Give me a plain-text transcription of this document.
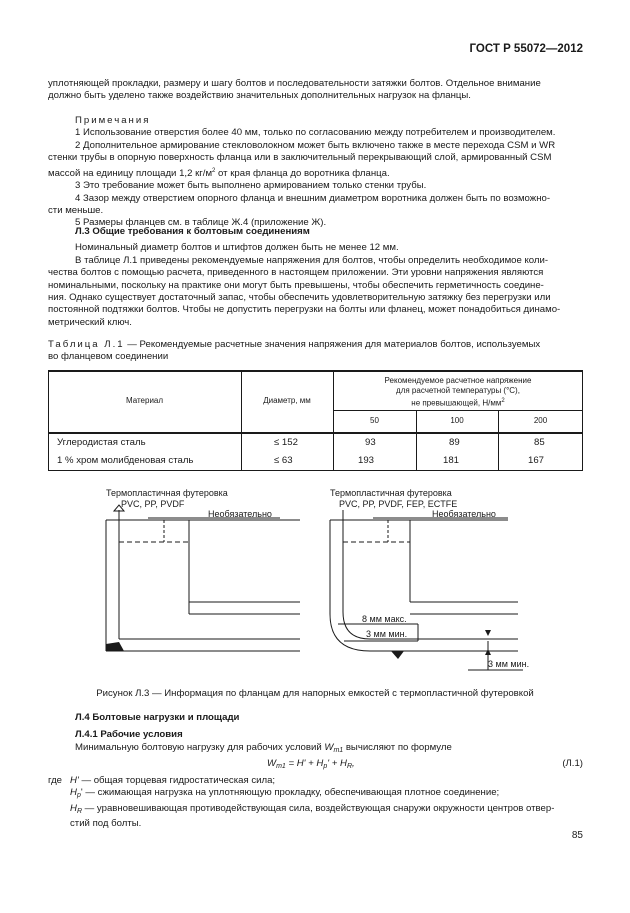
ГОСТ Р 55072—2012

уплотняющей прокладки, размеру и шагу болтов и последовательности затяжки болтов. Отдельное внимание

должно быть уделено также воздействию значительных дополнительных нагрузок на фланцы.

Примечания

1 Использование отверстия более 40 мм, только по согласованию между потребителем и производителем.

2 Дополнительное армирование стекловолокном может быть включено также в месте перехода CSM и WR

стенки трубы в опорную поверхность фланца или в заключительный перекрывающий слой, армированный CSM

массой на единицу площади 1,2 $кг/м^2$ от края фланца до воротника фланца.

3 Это требование может быть выполнено армированием только стенки трубы.

4 Зазор между отверстием опорного фланца и внешним диаметром воротника должен быть по возможно-

сти меньше.

5 Размеры фланцев см. в таблице Ж.4 (приложение Ж).

Л.3 Общие требования к болтовым соединениям

Номинальный диаметр болтов и штифтов должен быть не менее 12 мм.

В таблице Л.1 приведены рекомендуемые напряжения для болтов, чтобы определить необходимое коли-

чества болтов с помощью расчета, приведенного в настоящем приложении. Эти уровни напряжения являются

номинальными, поскольку на практике они могут быть превышены, чтобы обеспечить герметичность соедине-

ния. Однако существует достаточный запас, чтобы обеспечить удовлетворительную затяжку без перегрузки или

постоянной подтяжки болтов. Чтобы не допустить перегрузки на болты или фланец, может понадобиться динамо-

метрический ключ.

Таблица Л.1 — Рекомендуемые расчетные значения напряжения для материалов болтов, используемых

во фланцевом соединении

Материал	Диаметр, мм
Рекомендуемое расчетное напряжение
для расчетной температуры (°С),
не превышающей, $Н/мм^2$
50	100	200
Углеродистая сталь	≤ 152	93	89	85
1 % хром молибденовая сталь	≤ 63	193	181	167
Термопластичная футеровка
PVC, PP, PVDF
Необязательно
Термопластичная футеровка
PVC, PP, PVDF, FEP, ECTFE
Необязательно
8 мм макс.
3 мм мин.
3 мм мин.
Рисунок Л.3 — Информация по фланцам для напорных емкостей с термопластичной футеровкой

Л.4 Болтовые нагрузки и площади

Л.4.1 Рабочие условия

Минимальную болтовую нагрузку для рабочих условий $W_{m1}$ вычисляют по формуле

$W_{m1} = H' + H_p' + H_R$,	(Л.1)

где H' — общая торцевая гидростатическая сила;

$H_p'$ — сжимающая нагрузка на уплотняющую прокладку, обеспечивающая плотное соединение;

$H_R$ — уравновешивающая противодействующая сила, воздействующая снаружи окружности центров отвер-

стий под болты.

85
